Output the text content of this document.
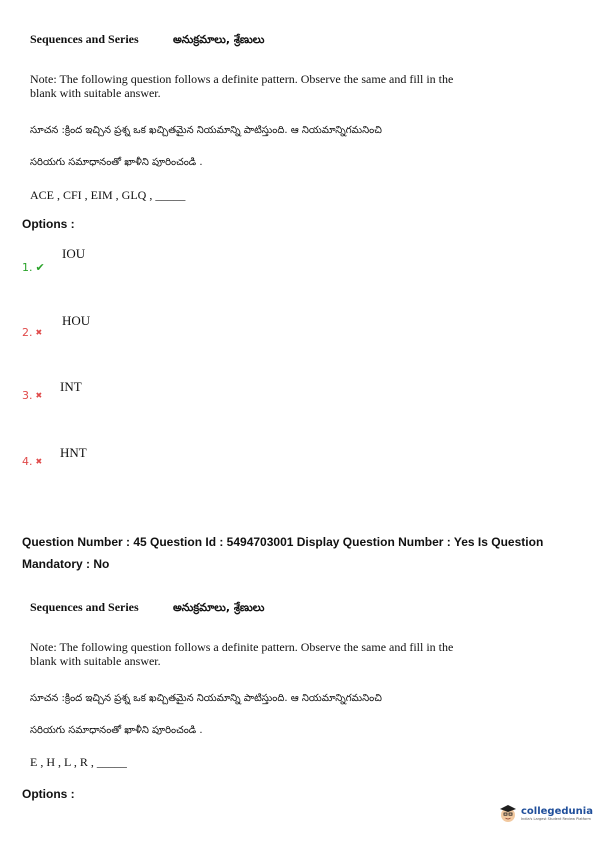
Sequences and Series	అనుక్రమాలు, శ్రేణులు
Note: The following question follows a definite pattern. Observe the same and fill in the blank with suitable answer.
సూచన :క్రింద ఇచ్చిన ప్రశ్న ఒక ఖచ్చితమైన నియమాన్ని పాటిస్తుంది. ఆ నియమాన్నిగమనించి
సరియగు సమాధానంతో ఖాళీని పూరించండి .
ACE , CFI , EIM , GLQ , _____
Options :
1. ✔
IOU
2. ✖
HOU
3. ✖
INT
4. ✖
HNT
Question Number : 45 Question Id : 5494703001 Display Question Number : Yes Is Question Mandatory : No
Sequences and Series	అనుక్రమాలు, శ్రేణులు
Note: The following question follows a definite pattern. Observe the same and fill in the blank with suitable answer.
సూచన :క్రింద ఇచ్చిన ప్రశ్న ఒక ఖచ్చితమైన నియమాన్ని పాటిస్తుంది. ఆ నియమాన్నిగమనించి
సరియగు సమాధానంతో ఖాళీని పూరించండి .
E , H , L , R , _____
Options :
collegedunia
India's Largest Student Review Platform
